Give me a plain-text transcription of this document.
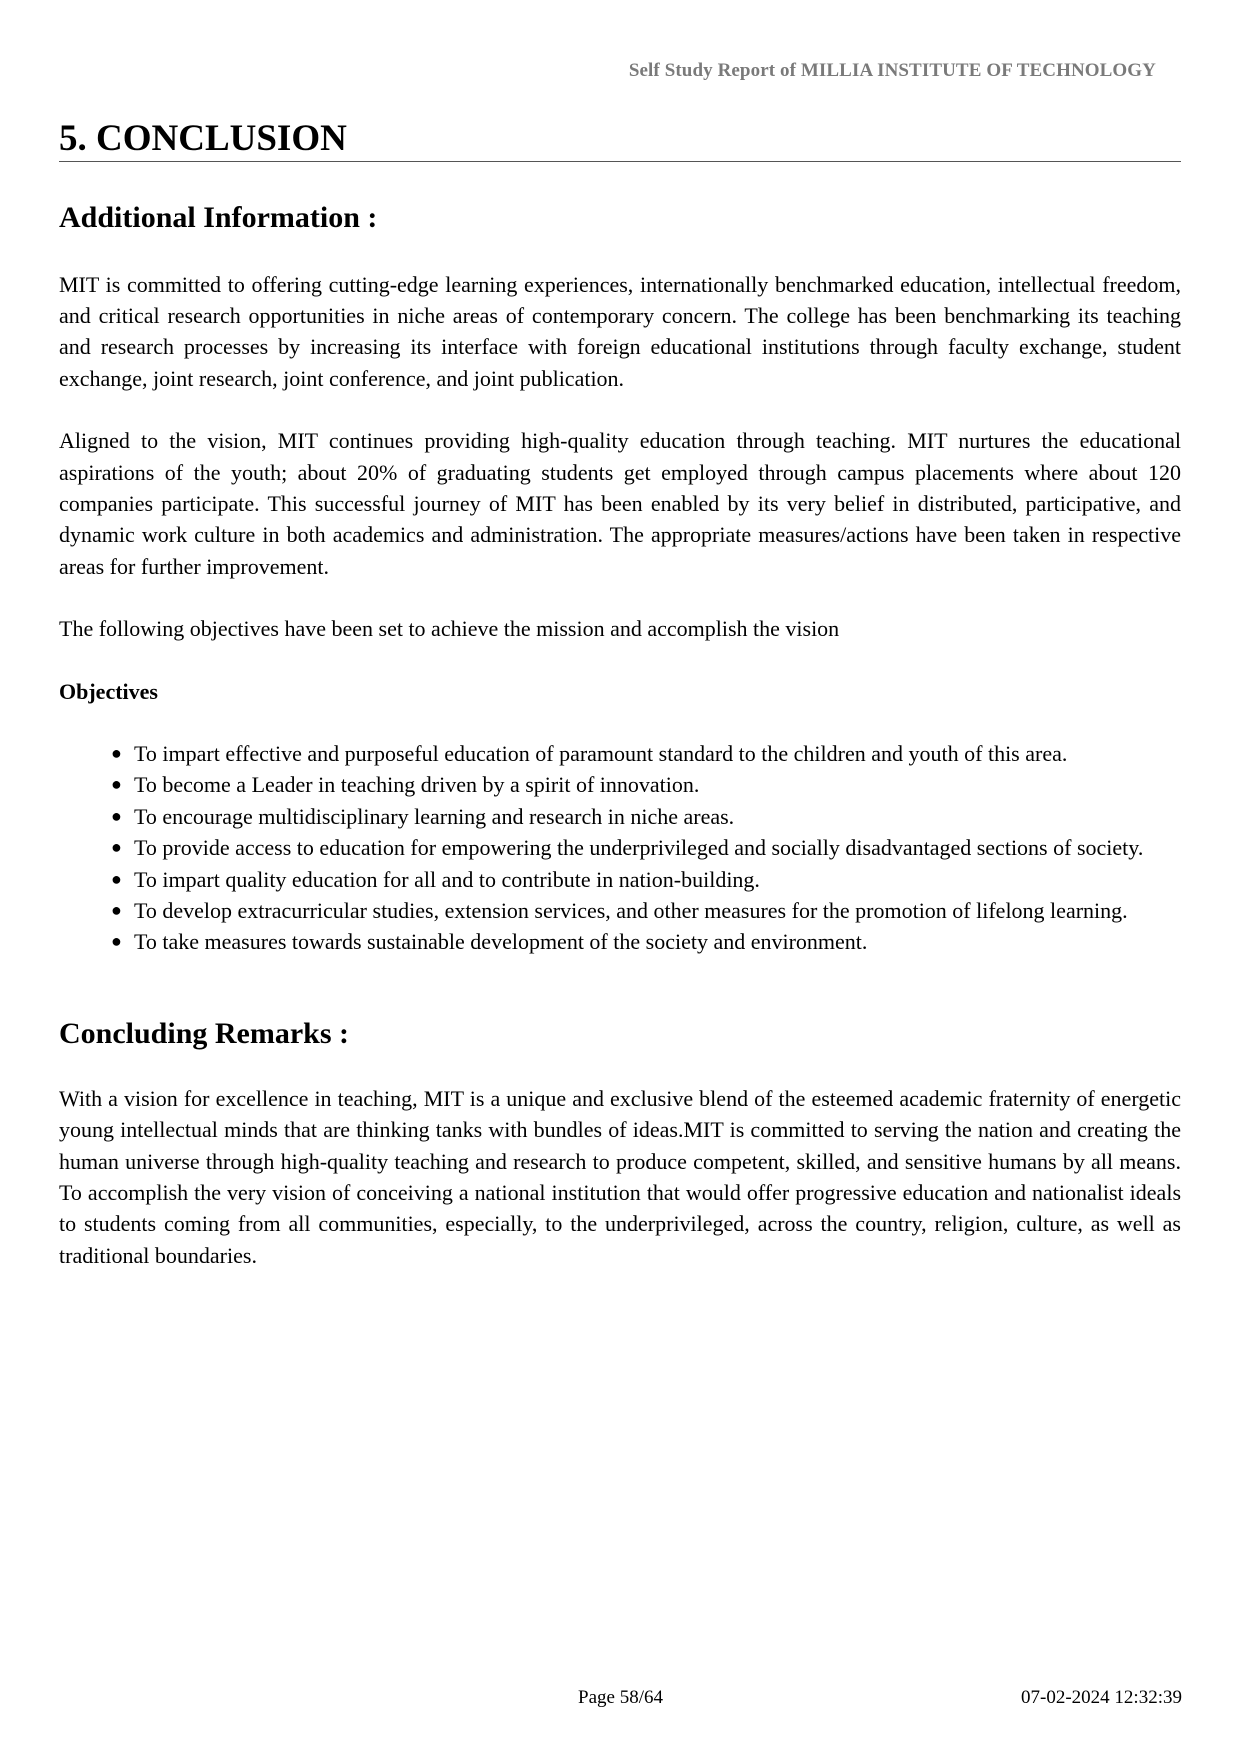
Self Study Report of MILLIA INSTITUTE OF TECHNOLOGY
5. CONCLUSION
Additional Information :

MIT is committed to offering cutting-edge learning experiences, internationally benchmarked education, intellectual freedom, and critical research opportunities in niche areas of contemporary concern. The college has been benchmarking its teaching and research processes by increasing its interface with foreign educational institutions through faculty exchange, student exchange, joint research, joint conference, and joint publication.

Aligned to the vision, MIT continues providing high-quality education through teaching. MIT nurtures the educational aspirations of the youth; about 20% of graduating students get employed through campus placements where about 120 companies participate. This successful journey of MIT has been enabled by its very belief in distributed, participative, and dynamic work culture in both academics and administration. The appropriate measures/actions have been taken in respective areas for further improvement.

The following objectives have been set to achieve the mission and accomplish the vision

Objectives
● To impart effective and purposeful education of paramount standard to the children and youth of this area.
● To become a Leader in teaching driven by a spirit of innovation.
● To encourage multidisciplinary learning and research in niche areas.
● To provide access to education for empowering the underprivileged and socially disadvantaged sections of society.
● To impart quality education for all and to contribute in nation-building.
● To develop extracurricular studies, extension services, and other measures for the promotion of lifelong learning.
● To take measures towards sustainable development of the society and environment.
Concluding Remarks :

With a vision for excellence in teaching, MIT is a unique and exclusive blend of the esteemed academic fraternity of energetic young intellectual minds that are thinking tanks with bundles of ideas.MIT is committed to serving the nation and creating the human universe through high-quality teaching and research to produce competent, skilled, and sensitive humans by all means. To accomplish the very vision of conceiving a national institution that would offer progressive education and nationalist ideals to students coming from all communities, especially, to the underprivileged, across the country, religion, culture, as well as traditional boundaries.

Page 58/64	07-02-2024 12:32:39
